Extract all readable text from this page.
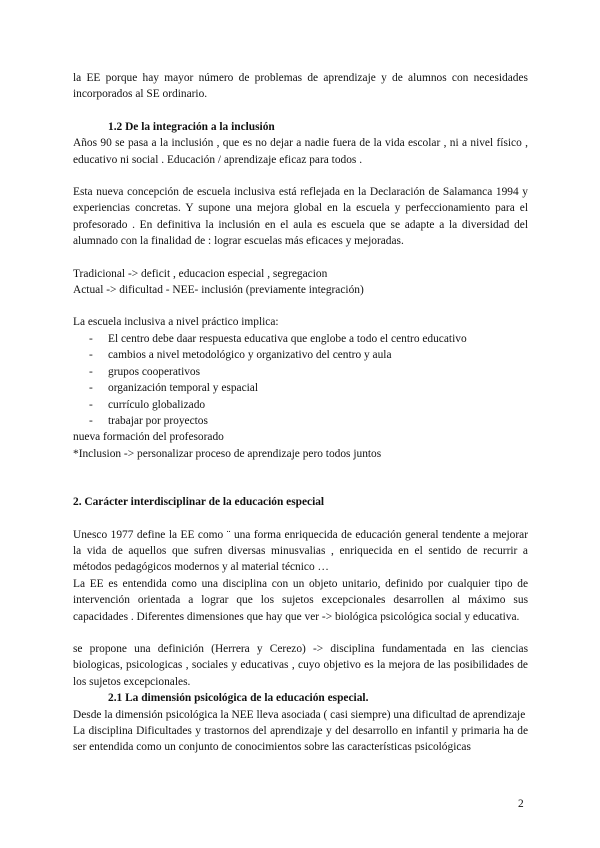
la EE porque hay mayor número de problemas de aprendizaje y de alumnos con necesidades incorporados al SE ordinario.

1.2 De la integración a la inclusión

Años 90 se pasa a la inclusión , que es no dejar a nadie fuera de la vida escolar , ni a nivel físico , educativo ni social . Educación / aprendizaje eficaz para todos .

Esta nueva concepción de escuela inclusiva está reflejada en la Declaración de Salamanca 1994 y experiencias concretas. Y supone una mejora global en la escuela y perfeccionamiento para el profesorado . En definitiva la inclusión en el aula es escuela que se adapte a la diversidad del alumnado con la finalidad de : lograr escuelas más eficaces y mejoradas.

Tradicional -> deficit , educacion especial , segregacion

Actual -> dificultad - NEE- inclusión (previamente integración)

La escuela inclusiva a nivel práctico implica:

- El centro debe daar respuesta educativa que englobe a todo el centro educativo
- cambios a nivel metodológico y organizativo del centro y aula
- grupos cooperativos
- organización temporal y espacial
- currículo globalizado
- trabajar por proyectos

nueva formación del profesorado

*Inclusion -> personalizar proceso de aprendizaje pero todos juntos

2. Carácter interdisciplinar de la educación especial

Unesco 1977 define la EE como ¨ una forma enriquecida de educación general tendente a mejorar la vida de aquellos que sufren diversas minusvalias , enriquecida en el sentido de recurrir a métodos pedagógicos modernos y al material técnico …

La EE es entendida como una disciplina con un objeto unitario, definido por cualquier tipo de intervención orientada a lograr que los sujetos excepcionales desarrollen al máximo sus capacidades . Diferentes dimensiones que hay que ver -> biológica psicológica social y educativa.

se propone una definición (Herrera y Cerezo) -> disciplina fundamentada en las ciencias biologicas, psicologicas , sociales y educativas , cuyo objetivo es la mejora de las posibilidades de los sujetos excepcionales.

2.1 La dimensión psicológica de la educación especial.

Desde la dimensión psicológica la NEE lleva asociada ( casi siempre) una dificultad de aprendizaje

La disciplina Dificultades y trastornos del aprendizaje y del desarrollo en infantil y primaria ha de ser entendida como un conjunto de conocimientos sobre las características psicológicas

2
